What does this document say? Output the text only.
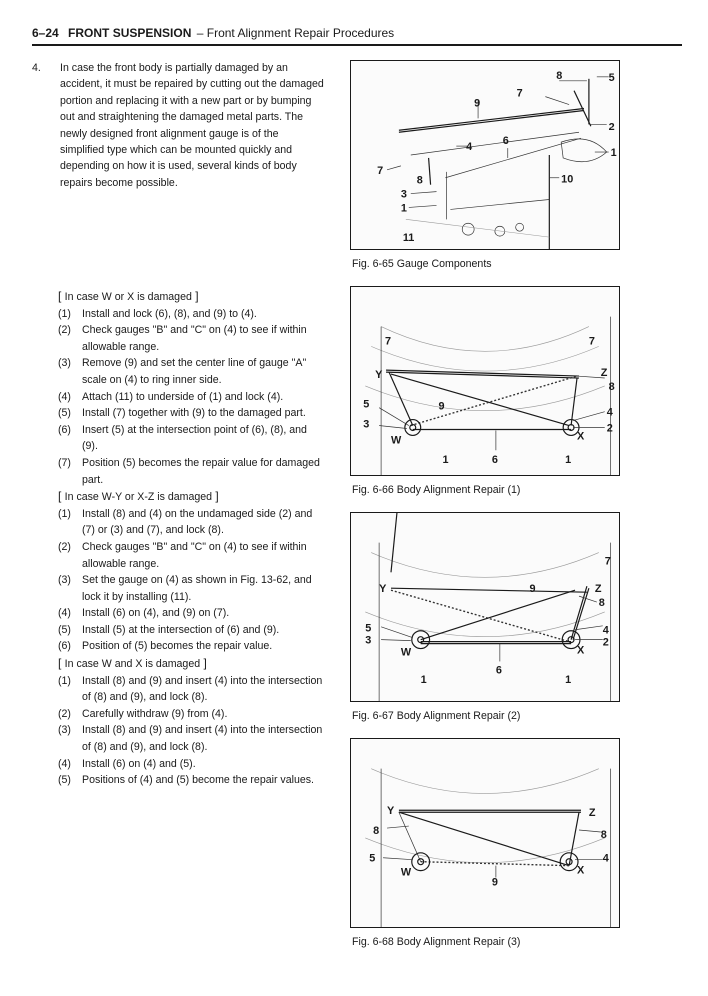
6–24 FRONT SUSPENSION – Front Alignment Repair Procedures
4. In case the front body is partially damaged by an accident, it must be repaired by cutting out the damaged portion and replacing it with a new part or by bumping out and straightening the damaged metal parts. The newly designed front alignment gauge is of the simplified type which can be mounted quickly and depending on how it is used, several kinds of body repairs become possible.

[ In case W or X is damaged ]
(1) Install and lock (6), (8), and (9) to (4).
(2) Check gauges "B" and "C" on (4) to see if within allowable range.
(3) Remove (9) and set the center line of gauge "A" scale on (4) to ring inner side.
(4) Attach (11) to underside of (1) and lock (4).
(5) Install (7) together with (9) to the damaged part.
(6) Insert (5) at the intersection point of (6), (8), and (9).
(7) Position (5) becomes the repair value for damaged part.
[ In case W-Y or X-Z is damaged ]
(1) Install (8) and (4) on the undamaged side (2) and (7) or (3) and (7), and lock (8).
(2) Check gauges "B" and "C" on (4) to see if within allowable range.
(3) Set the gauge on (4) as shown in Fig. 13-62, and lock it by installing (11).
(4) Install (6) on (4), and (9) on (7).
(5) Install (5) at the intersection of (6) and (9).
(6) Position of (5) becomes the repair value.
[ In case W and X is damaged ]
(1) Install (8) and (9) and insert (4) into the intersection of (8) and (9), and lock (8).
(2) Carefully withdraw (9) from (4).
(3) Install (8) and (9) and insert (4) into the intersection of (8) and (9), and lock (8).
(4) Install (6) on (4) and (5).
(5) Positions of (4) and (5) become the repair values.
8	5
7
9
2
6
4	1
7
8	10
3
1
11
Fig. 6-65 Gauge Components
7	7
Y	Z
8
9
5
4
3	2
W	X
1	6	1
Fig. 6-66 Body Alignment Repair (1)
7
Y	9	Z
8
5	4
3	2
W	X
6
1	1
Fig. 6-67 Body Alignment Repair (2)
Y	Z
8	8
5	4
W	X
9
Fig. 6-68 Body Alignment Repair (3)
